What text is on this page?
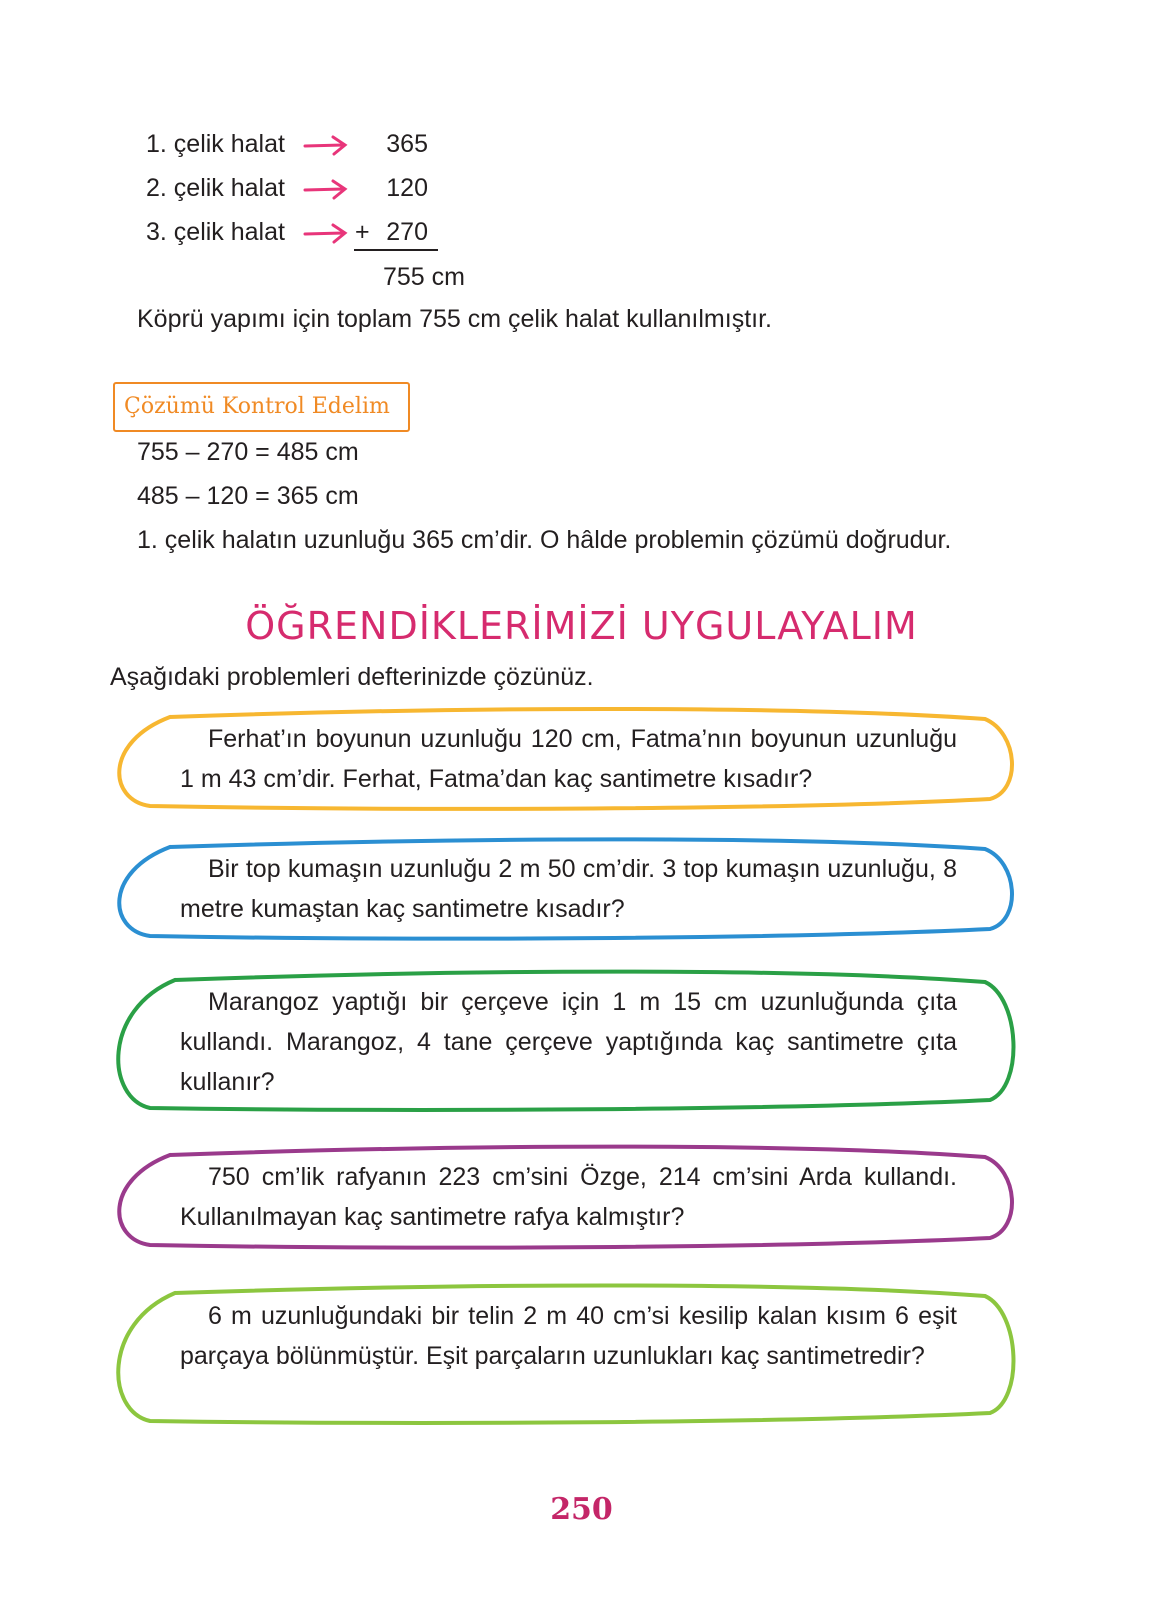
1. çelik halat
2. çelik halat
3. çelik halat
365
120
+ 270
755 cm
Köprü yapımı için toplam 755 cm çelik halat kullanılmıştır.
Çözümü Kontrol Edelim
755 – 270 = 485 cm
485 – 120 = 365 cm
1. çelik halatın uzunluğu 365 cm’dir. O hâlde problemin çözümü doğrudur.
ÖĞRENDİKLERİMİZİ UYGULAYALIM
Aşağıdaki problemleri defterinizde çözünüz.
Ferhat’ın boyunun uzunluğu 120 cm, Fatma’nın boyunun uzunluğu 1 m 43 cm’dir. Ferhat, Fatma’dan kaç santimetre kısadır?
Bir top kumaşın uzunluğu 2 m 50 cm’dir. 3 top kumaşın uzunluğu, 8 metre kumaştan kaç santimetre kısadır?
Marangoz yaptığı bir çerçeve için 1 m 15 cm uzunluğunda çıta kullandı. Marangoz, 4 tane çerçeve yaptığında kaç santimetre çıta kullanır?
750 cm’lik rafyanın 223 cm’sini Özge, 214 cm’sini Arda kullandı. Kullanılmayan kaç santimetre rafya kalmıştır?
6 m uzunluğundaki bir telin 2 m 40 cm’si kesilip kalan kısım 6 eşit parçaya bölünmüştür. Eşit parçaların uzunlukları kaç santimetredir?
250
